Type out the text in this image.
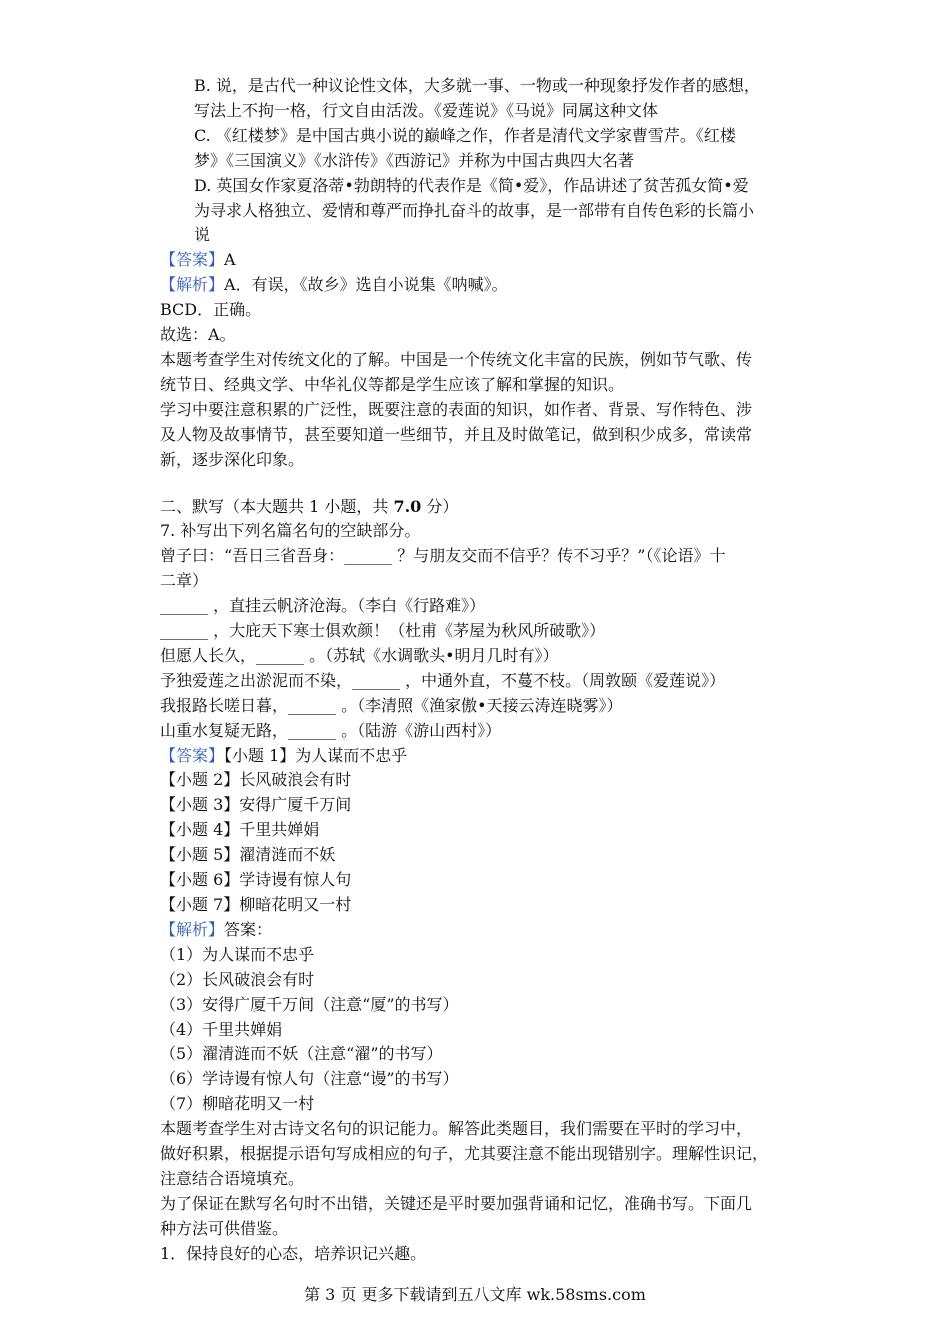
B. 说，是古代一种议论性文体，大多就一事、一物或一种现象抒发作者的感想，
写法上不拘一格，行文自由活泼。《爱莲说》《马说》同属这种文体
C. 《红楼梦》是中国古典小说的巅峰之作，作者是清代文学家曹雪芹。《红楼
梦》《三国演义》《水浒传》《西游记》并称为中国古典四大名著
D. 英国女作家夏洛蒂•勃朗特的代表作是《简•爱》，作品讲述了贫苦孤女简•爱
为寻求人格独立、爱情和尊严而挣扎奋斗的故事，是一部带有自传色彩的长篇小
说
【答案】A
【解析】A．有误，《故乡》选自小说集《呐喊》。
BCD．正确。
故选：A。
本题考查学生对传统文化的了解。中国是一个传统文化丰富的民族，例如节气歌、传
统节日、经典文学、中华礼仪等都是学生应该了解和掌握的知识。
学习中要注意积累的广泛性，既要注意的表面的知识，如作者、背景、写作特色、涉
及人物及故事情节，甚至要知道一些细节，并且及时做笔记，做到积少成多，常读常
新，逐步深化印象。
二、默写（本大题共 1 小题，共 7.0 分）
7. 补写出下列名篇名句的空缺部分。
曾子曰：“吾日三省吾身：______ ？与朋友交而不信乎？传不习乎？”（《论语》十
二章）
______ ，直挂云帆济沧海。（李白《行路难》）
______ ，大庇天下寒士俱欢颜！（杜甫《茅屋为秋风所破歌》）
但愿人长久，______ 。（苏轼《水调歌头•明月几时有》）
予独爱莲之出淤泥而不染，______ ，中通外直，不蔓不枝。（周敦颐《爱莲说》）
我报路长嗟日暮，______ 。（李清照《渔家傲•天接云涛连晓雾》）
山重水复疑无路，______ 。（陆游《游山西村》）
【答案】【小题 1】为人谋而不忠乎
【小题 2】长风破浪会有时
【小题 3】安得广厦千万间
【小题 4】千里共婵娟
【小题 5】濯清涟而不妖
【小题 6】学诗谩有惊人句
【小题 7】柳暗花明又一村
【解析】答案：
（1）为人谋而不忠乎
（2）长风破浪会有时
（3）安得广厦千万间（注意“厦”的书写）
（4）千里共婵娟
（5）濯清涟而不妖（注意“濯”的书写）
（6）学诗谩有惊人句（注意“谩”的书写）
（7）柳暗花明又一村
本题考查学生对古诗文名句的识记能力。解答此类题目，我们需要在平时的学习中，
做好积累，根据提示语句写成相应的句子，尤其要注意不能出现错别字。理解性识记，
注意结合语境填充。
为了保证在默写名句时不出错，关键还是平时要加强背诵和记忆，准确书写。下面几
种方法可供借鉴。
1．保持良好的心态，培养识记兴趣。
第 3 页 更多下载请到五八文库 wk.58sms.com
